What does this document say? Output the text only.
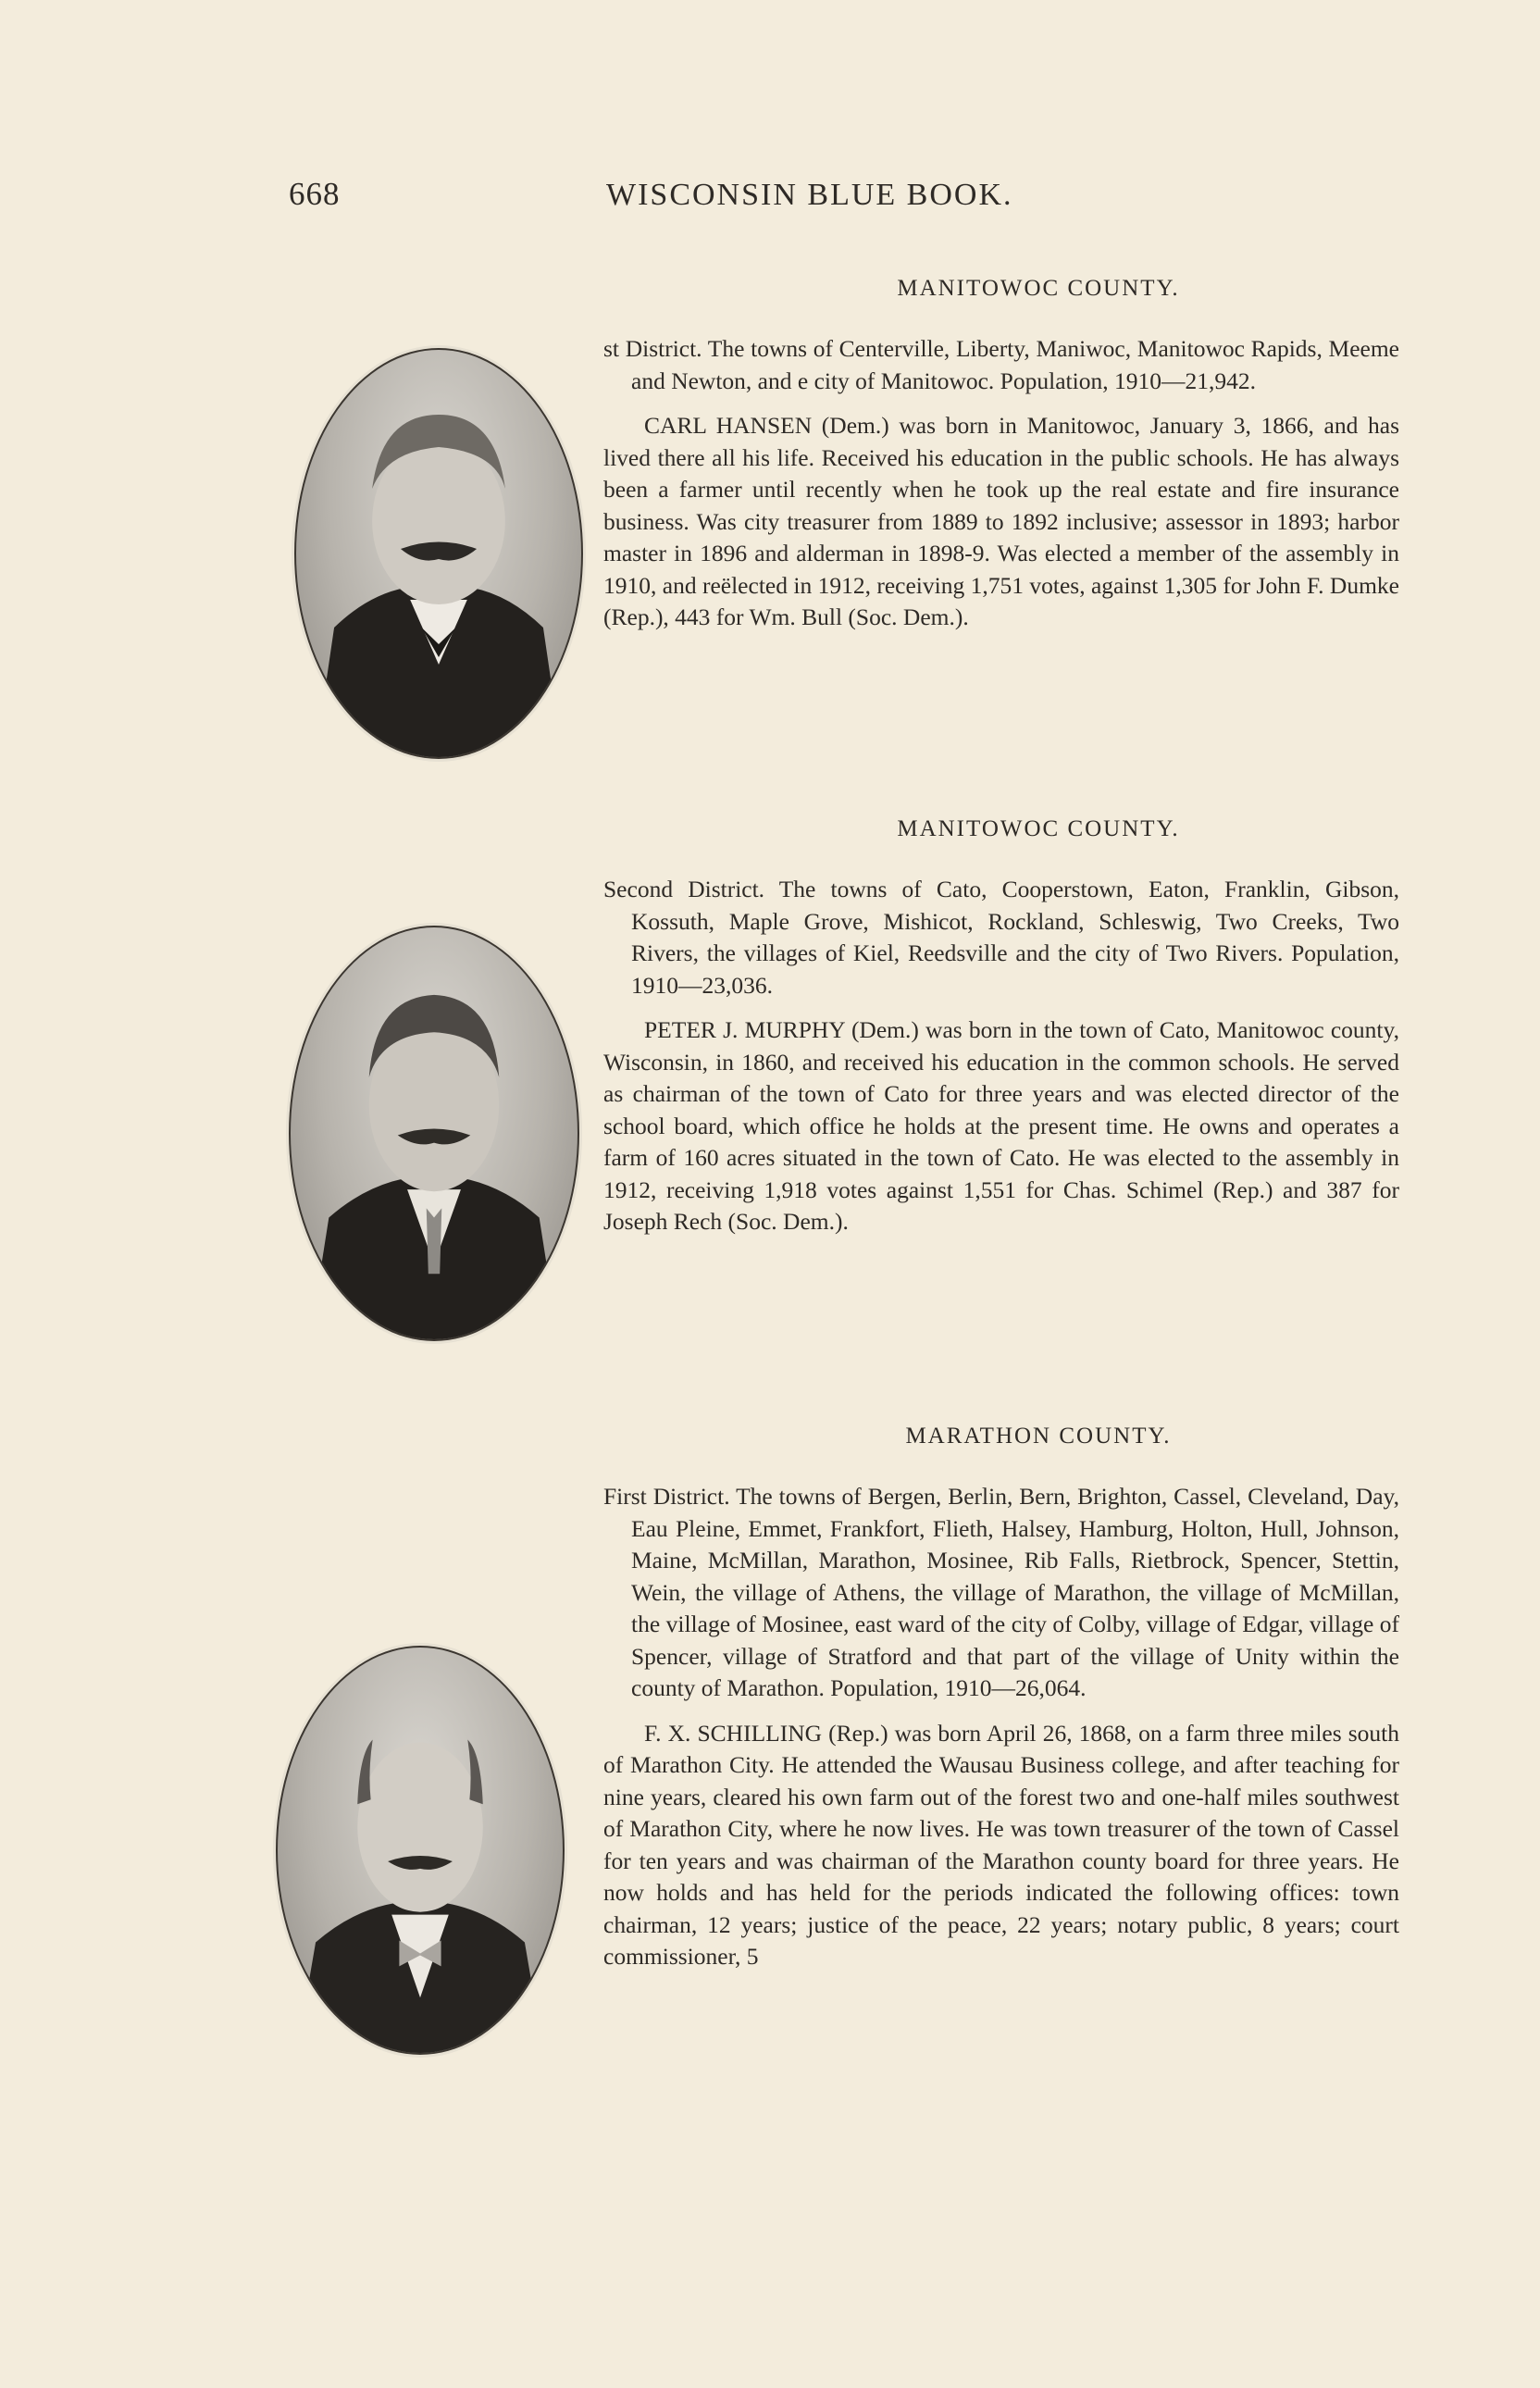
668	WISCONSIN BLUE BOOK.
MANITOWOC COUNTY.

st District. The towns of Centerville, Liberty, Maniwoc, Manitowoc Rapids, Meeme and Newton, and e city of Manitowoc. Population, 1910—21,942.

CARL HANSEN (Dem.) was born in Manitowoc, January 3, 1866, and has lived there all his life. Received his education in the public schools. He has always been a farmer until recently when he took up the real estate and fire insurance business. Was city treasurer from 1889 to 1892 inclusive; assessor in 1893; harbor master in 1896 and alderman in 1898-9. Was elected a member of the assembly in 1910, and reëlected in 1912, receiving 1,751 votes, against 1,305 for John F. Dumke (Rep.), 443 for Wm. Bull (Soc. Dem.).

MANITOWOC COUNTY.

Second District. The towns of Cato, Cooperstown, Eaton, Franklin, Gibson, Kossuth, Maple Grove, Mishicot, Rockland, Schleswig, Two Creeks, Two Rivers, the villages of Kiel, Reedsville and the city of Two Rivers. Population, 1910—23,036.

PETER J. MURPHY (Dem.) was born in the town of Cato, Manitowoc county, Wisconsin, in 1860, and received his education in the common schools. He served as chairman of the town of Cato for three years and was elected director of the school board, which office he holds at the present time. He owns and operates a farm of 160 acres situated in the town of Cato. He was elected to the assembly in 1912, receiving 1,918 votes against 1,551 for Chas. Schimel (Rep.) and 387 for Joseph Rech (Soc. Dem.).

MARATHON COUNTY.

First District. The towns of Bergen, Berlin, Bern, Brighton, Cassel, Cleveland, Day, Eau Pleine, Emmet, Frankfort, Flieth, Halsey, Hamburg, Holton, Hull, Johnson, Maine, McMillan, Marathon, Mosinee, Rib Falls, Rietbrock, Spencer, Stettin, Wein, the village of Athens, the village of Marathon, the village of McMillan, the village of Mosinee, east ward of the city of Colby, village of Edgar, village of Spencer, village of Stratford and that part of the village of Unity within the county of Marathon. Population, 1910—26,064.

F. X. SCHILLING (Rep.) was born April 26, 1868, on a farm three miles south of Marathon City. He attended the Wausau Business college, and after teaching for nine years, cleared his own farm out of the forest two and one-half miles southwest of Marathon City, where he now lives. He was town treasurer of the town of Cassel for ten years and was chairman of the Marathon county board for three years. He now holds and has held for the periods indicated the following offices: town chairman, 12 years; justice of the peace, 22 years; notary public, 8 years; court commissioner, 5
